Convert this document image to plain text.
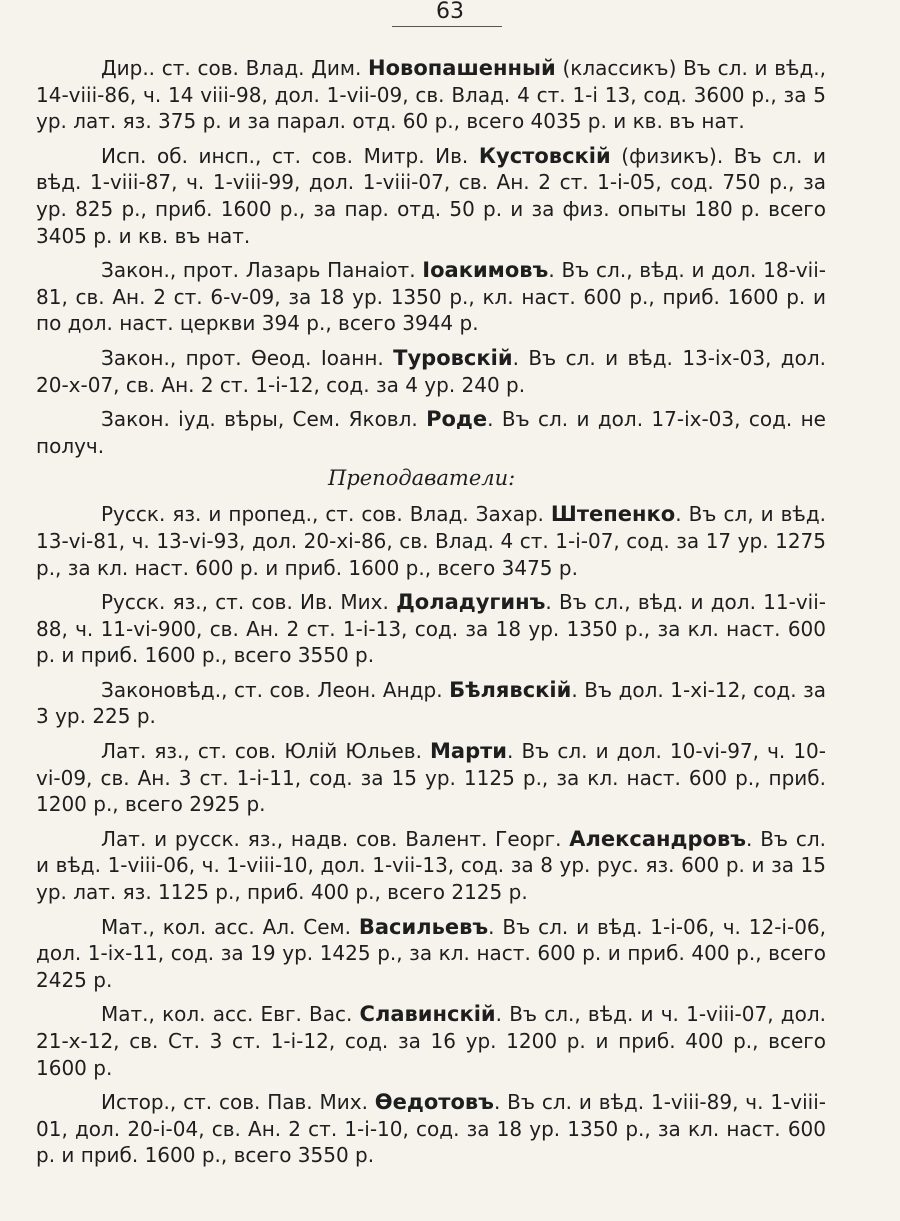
63

Дир.. ст. сов. Влад. Дим. Новопашенный (классикъ) Въ сл. и вѣд., 14-viii-86, ч. 14 viii-98, дол. 1-vii-09, св. Влад. 4 ст. 1-i 13, сод. 3600 р., за 5 ур. лат. яз. 375 р. и за парал. отд. 60 р., всего 4035 р. и кв. въ нат.

Исп. об. инсп., ст. сов. Митр. Ив. Кустовскій (физикъ). Въ сл. и вѣд. 1-viii-87, ч. 1-viii-99, дол. 1-viii-07, св. Ан. 2 ст. 1-i-05, сод. 750 р., за ур. 825 р., приб. 1600 р., за пар. отд. 50 р. и за физ. опыты 180 р. всего 3405 р. и кв. въ нат.

Закон., прот. Лазарь Панаіот. Іоакимовъ. Въ сл., вѣд. и дол. 18-vii-81, св. Ан. 2 ст. 6-v-09, за 18 ур. 1350 р., кл. наст. 600 р., приб. 1600 р. и по дол. наст. церкви 394 р., всего 3944 р.

Закон., прот. Өеод. Іоанн. Туровскій. Въ сл. и вѣд. 13-ix-03, дол. 20-x-07, св. Ан. 2 ст. 1-i-12, сод. за 4 ур. 240 р.

Закон. іуд. вѣры, Сем. Яковл. Роде. Въ сл. и дол. 17-ix-03, сод. не получ.

Преподаватели:

Русск. яз. и пропед., ст. сов. Влад. Захар. Штепенко. Въ сл, и вѣд. 13-vi-81, ч. 13-vi-93, дол. 20-xi-86, св. Влад. 4 ст. 1-i-07, сод. за 17 ур. 1275 р., за кл. наст. 600 р. и приб. 1600 р., всего 3475 р.

Русск. яз., ст. сов. Ив. Мих. Доладугинъ. Въ сл., вѣд. и дол. 11-vii-88, ч. 11-vi-900, св. Ан. 2 ст. 1-i-13, сод. за 18 ур. 1350 р., за кл. наст. 600 р. и приб. 1600 р., всего 3550 р.

Законовѣд., ст. сов. Леон. Андр. Бѣлявскій. Въ дол. 1-xi-12, сод. за 3 ур. 225 р.

Лат. яз., ст. сов. Юлій Юльев. Марти. Въ сл. и дол. 10-vi-97, ч. 10-vi-09, св. Ан. 3 ст. 1-i-11, сод. за 15 ур. 1125 р., за кл. наст. 600 р., приб. 1200 р., всего 2925 р.

Лат. и русск. яз., надв. сов. Валент. Георг. Александровъ. Въ сл. и вѣд. 1-viii-06, ч. 1-viii-10, дол. 1-vii-13, сод. за 8 ур. рус. яз. 600 р. и за 15 ур. лат. яз. 1125 р., приб. 400 р., всего 2125 р.

Мат., кол. асс. Ал. Сем. Васильевъ. Въ сл. и вѣд. 1-i-06, ч. 12-i-06, дол. 1-ix-11, сод. за 19 ур. 1425 р., за кл. наст. 600 р. и приб. 400 р., всего 2425 р.

Мат., кол. асс. Евг. Вас. Славинскій. Въ сл., вѣд. и ч. 1-viii-07, дол. 21-x-12, св. Ст. 3 ст. 1-i-12, сод. за 16 ур. 1200 р. и приб. 400 р., всего 1600 р.

Истор., ст. сов. Пав. Мих. Өедотовъ. Въ сл. и вѣд. 1-viii-89, ч. 1-viii-01, дол. 20-i-04, св. Ан. 2 ст. 1-i-10, сод. за 18 ур. 1350 р., за кл. наст. 600 р. и приб. 1600 р., всего 3550 р.
